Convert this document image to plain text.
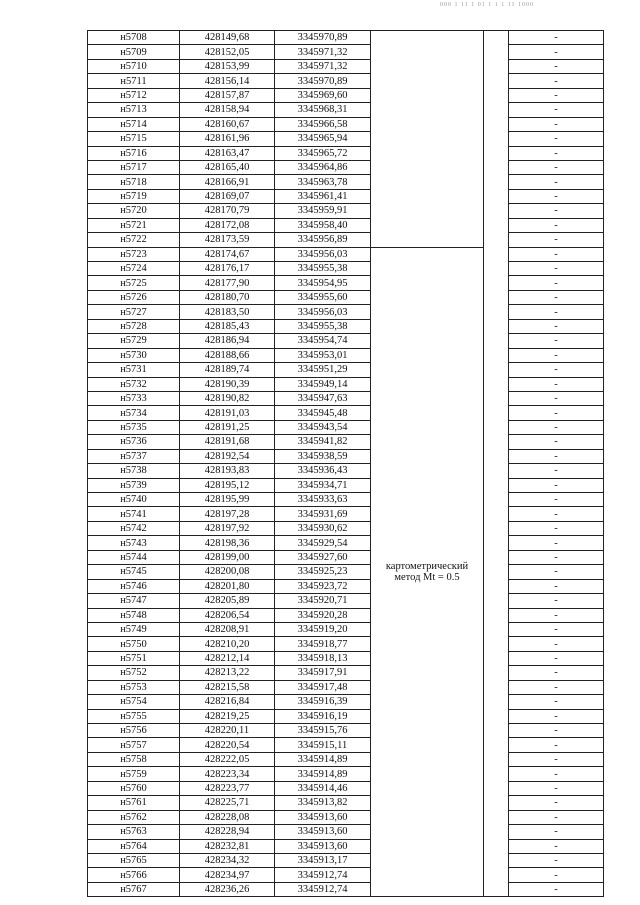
000 1 11 1 01 1 1 1 11 1000
н5708	428149,68	3345970,89			-
н5709	428152,05	3345971,32			-
н5710	428153,99	3345971,32			-
н5711	428156,14	3345970,89			-
н5712	428157,87	3345969,60			-
н5713	428158,94	3345968,31			-
н5714	428160,67	3345966,58			-
н5715	428161,96	3345965,94			-
н5716	428163,47	3345965,72			-
н5717	428165,40	3345964,86			-
н5718	428166,91	3345963,78			-
н5719	428169,07	3345961,41			-
н5720	428170,79	3345959,91			-
н5721	428172,08	3345958,40			-
н5722	428173,59	3345956,89			-
н5723	428174,67	3345956,03	картометрический
метод Mt = 0.5		-
н5724	428176,17	3345955,38			-
н5725	428177,90	3345954,95			-
н5726	428180,70	3345955,60			-
н5727	428183,50	3345956,03			-
н5728	428185,43	3345955,38			-
н5729	428186,94	3345954,74			-
н5730	428188,66	3345953,01			-
н5731	428189,74	3345951,29			-
н5732	428190,39	3345949,14			-
н5733	428190,82	3345947,63			-
н5734	428191,03	3345945,48			-
н5735	428191,25	3345943,54			-
н5736	428191,68	3345941,82			-
н5737	428192,54	3345938,59			-
н5738	428193,83	3345936,43			-
н5739	428195,12	3345934,71			-
н5740	428195,99	3345933,63			-
н5741	428197,28	3345931,69			-
н5742	428197,92	3345930,62			-
н5743	428198,36	3345929,54			-
н5744	428199,00	3345927,60			-
н5745	428200,08	3345925,23			-
н5746	428201,80	3345923,72			-
н5747	428205,89	3345920,71			-
н5748	428206,54	3345920,28			-
н5749	428208,91	3345919,20			-
н5750	428210,20	3345918,77			-
н5751	428212,14	3345918,13			-
н5752	428213,22	3345917,91			-
н5753	428215,58	3345917,48			-
н5754	428216,84	3345916,39			-
н5755	428219,25	3345916,19			-
н5756	428220,11	3345915,76			-
н5757	428220,54	3345915,11			-
н5758	428222,05	3345914,89			-
н5759	428223,34	3345914,89			-
н5760	428223,77	3345914,46			-
н5761	428225,71	3345913,82			-
н5762	428228,08	3345913,60			-
н5763	428228,94	3345913,60			-
н5764	428232,81	3345913,60			-
н5765	428234,32	3345913,17			-
н5766	428234,97	3345912,74			-
н5767	428236,26	3345912,74			-
